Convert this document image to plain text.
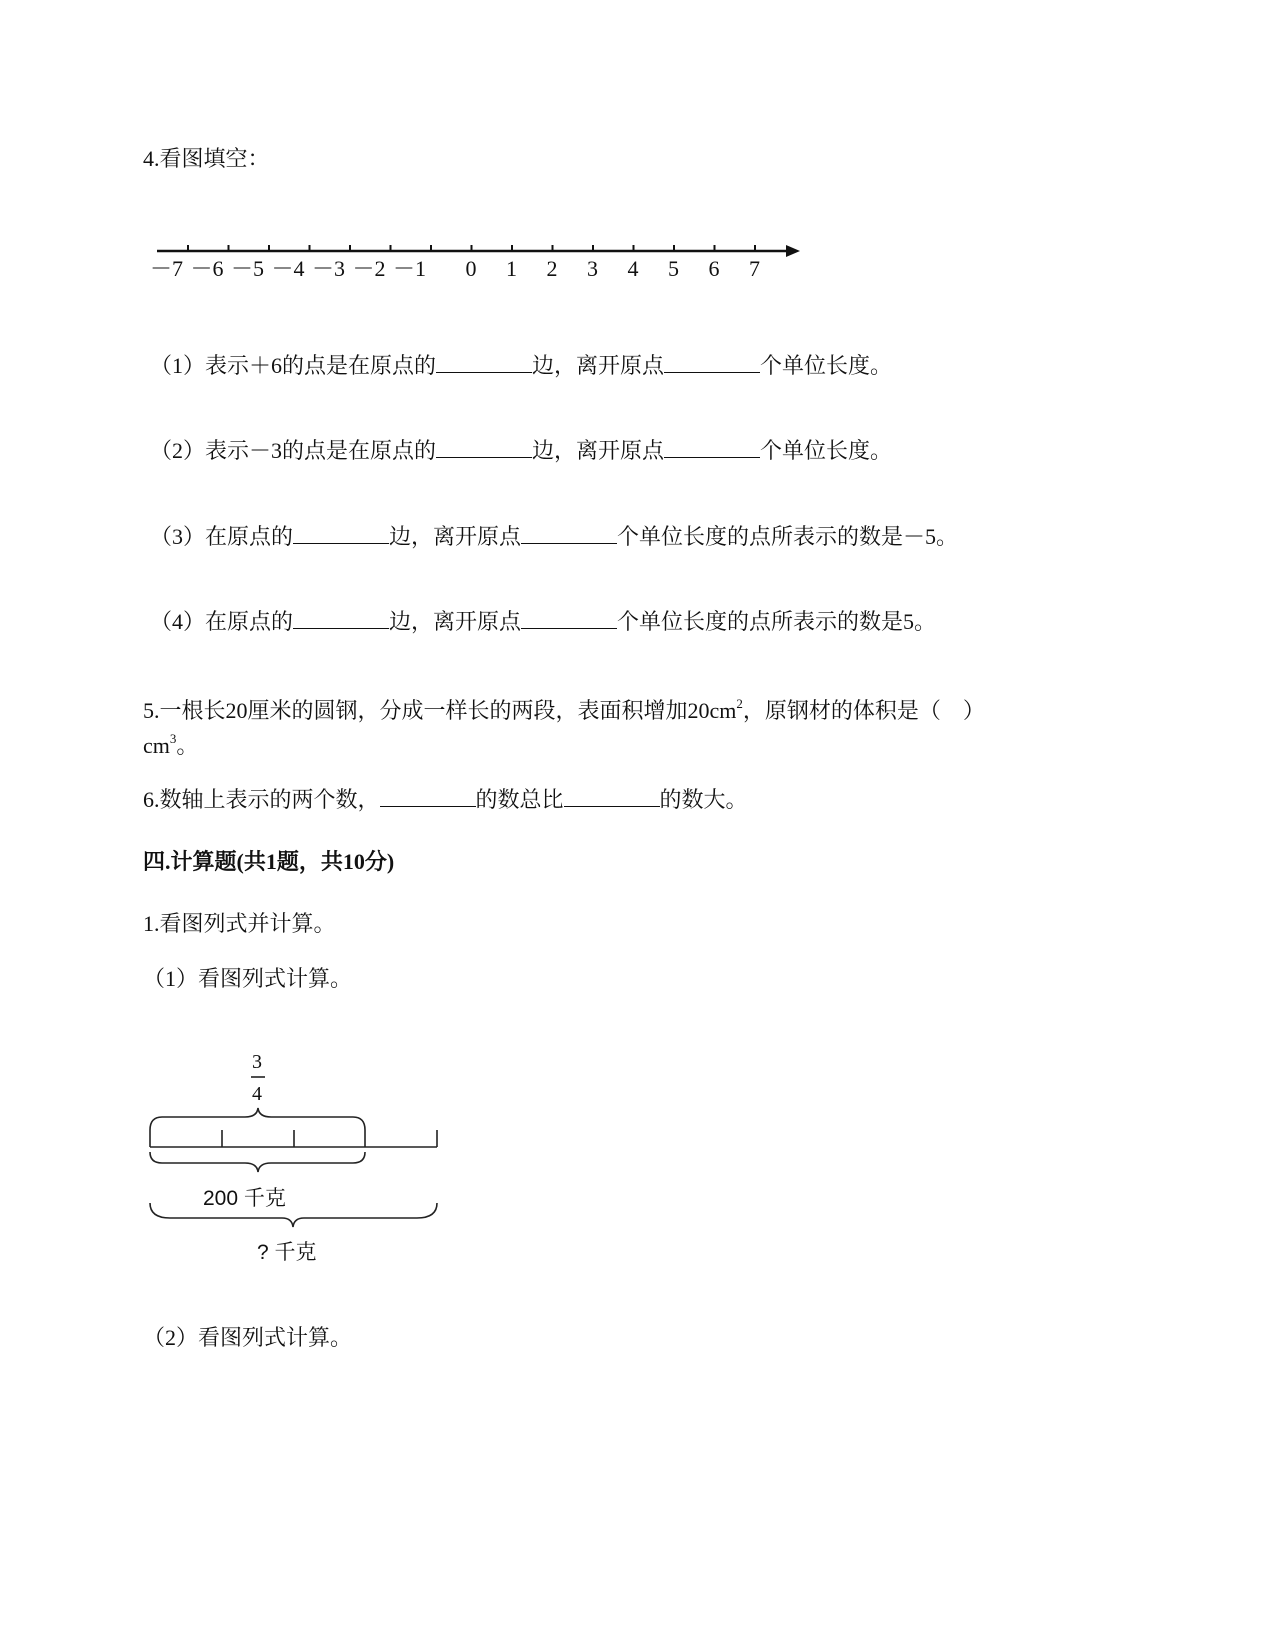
4.看图填空：
－7 －6 －5 －4 －3 －2 －1 0 1 2 3 4 5 6 7
（1）表示＋6的点是在原点的	边，离开原点	个单位长度。
（2）表示－3的点是在原点的	边，离开原点	个单位长度。
（3）在原点的	边，离开原点	个单位长度的点所表示的数是－5。
（4）在原点的	边，离开原点	个单位长度的点所表示的数是5。
5.一根长20厘米的圆钢，分成一样长的两段，表面积增加$20cm^2$，原钢材的体积是（　）
$cm^3$。
6.数轴上表示的两个数，	的数总比	的数大。
四.计算题(共1题，共10分)
1.看图列式并计算。
（1）看图列式计算。
3
4
200 千克
? 千克
（2）看图列式计算。
